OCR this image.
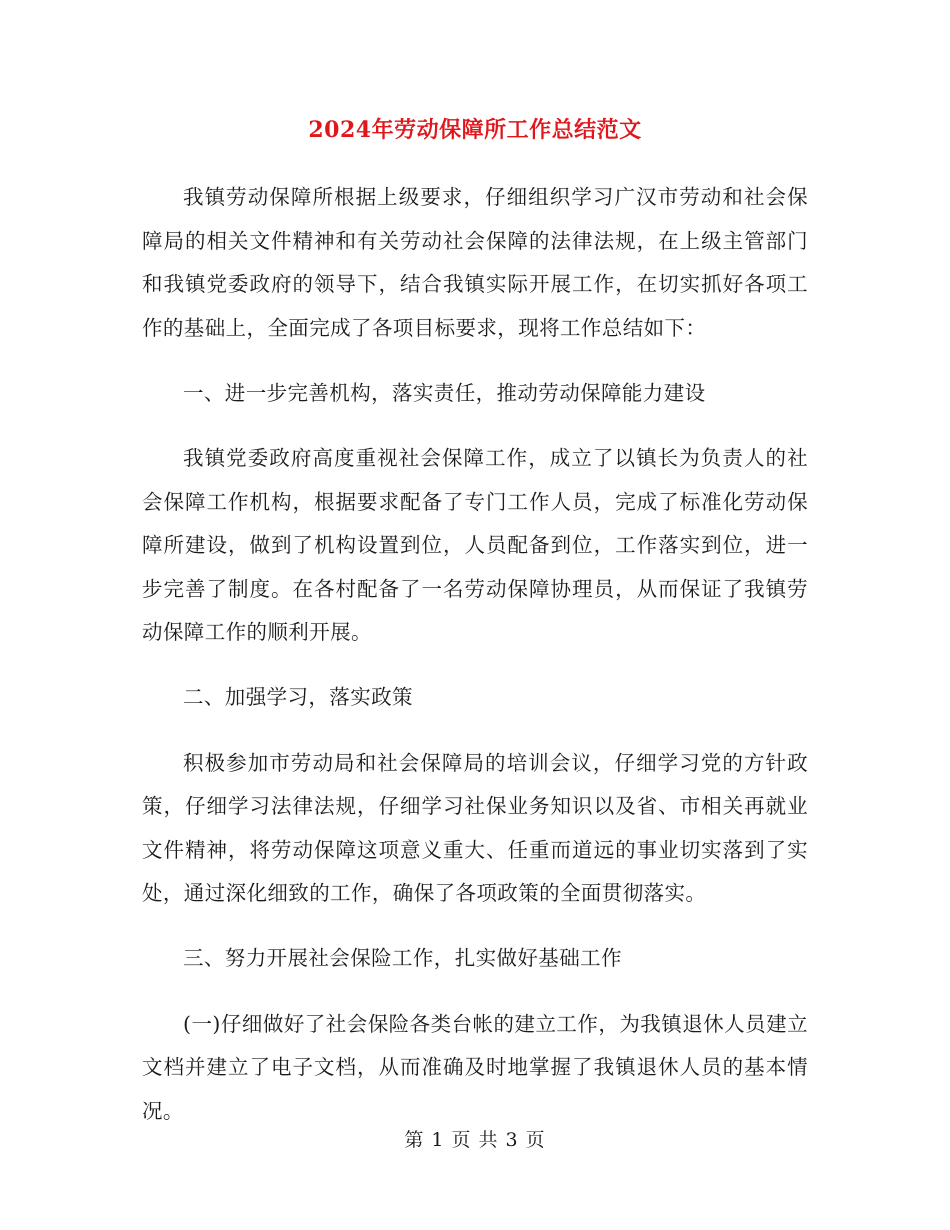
2024年劳动保障所工作总结范文

我镇劳动保障所根据上级要求，仔细组织学习广汉市劳动和社会保障局的相关文件精神和有关劳动社会保障的法律法规，在上级主管部门和我镇党委政府的领导下，结合我镇实际开展工作，在切实抓好各项工作的基础上，全面完成了各项目标要求，现将工作总结如下：

一、进一步完善机构，落实责任，推动劳动保障能力建设

我镇党委政府高度重视社会保障工作，成立了以镇长为负责人的社会保障工作机构，根据要求配备了专门工作人员，完成了标准化劳动保障所建设，做到了机构设置到位，人员配备到位，工作落实到位，进一步完善了制度。在各村配备了一名劳动保障协理员，从而保证了我镇劳动保障工作的顺利开展。

二、加强学习，落实政策

积极参加市劳动局和社会保障局的培训会议，仔细学习党的方针政策，仔细学习法律法规，仔细学习社保业务知识以及省、市相关再就业文件精神，将劳动保障这项意义重大、任重而道远的事业切实落到了实处，通过深化细致的工作，确保了各项政策的全面贯彻落实。

三、努力开展社会保险工作，扎实做好基础工作

(一)仔细做好了社会保险各类台帐的建立工作，为我镇退休人员建立文档并建立了电子文档，从而准确及时地掌握了我镇退休人员的基本情况。

第 1 页 共 3 页
